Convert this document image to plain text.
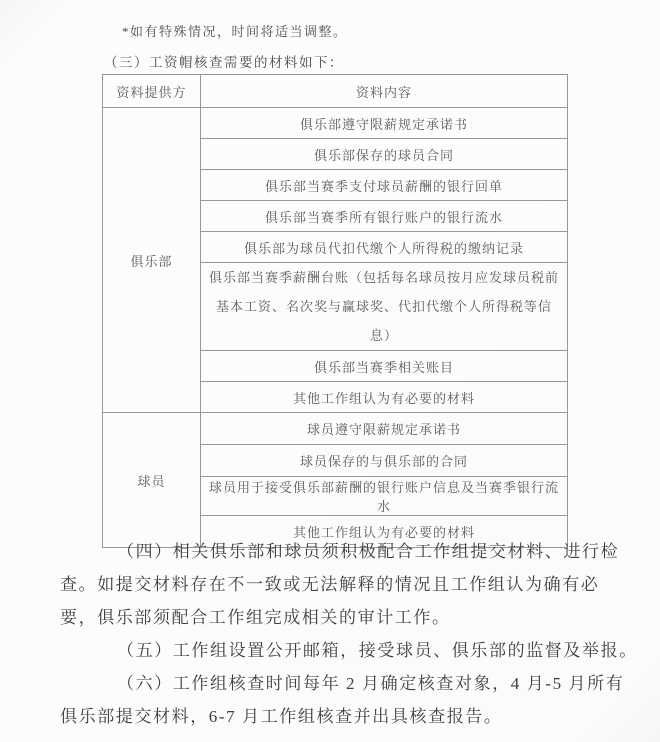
*如有特殊情况，时间将适当调整。
（三）工资帽核查需要的材料如下：
资料提供方	资料内容
俱乐部	俱乐部遵守限薪规定承诺书
	俱乐部保存的球员合同
	俱乐部当赛季支付球员薪酬的银行回单
	俱乐部当赛季所有银行账户的银行流水
	俱乐部为球员代扣代缴个人所得税的缴纳记录
	俱乐部当赛季薪酬台账（包括每名球员按月应发球员税前基本工资、名次奖与赢球奖、代扣代缴个人所得税等信息）
	俱乐部当赛季相关账目
	其他工作组认为有必要的材料
球员	球员遵守限薪规定承诺书
	球员保存的与俱乐部的合同
	球员用于接受俱乐部薪酬的银行账户信息及当赛季银行流水
	其他工作组认为有必要的材料
（四）相关俱乐部和球员须积极配合工作组提交材料、进行检
查。如提交材料存在不一致或无法解释的情况且工作组认为确有必
要，俱乐部须配合工作组完成相关的审计工作。
（五）工作组设置公开邮箱，接受球员、俱乐部的监督及举报。
（六）工作组核查时间每年 2 月确定核查对象，4 月-5 月所有
俱乐部提交材料，6-7 月工作组核查并出具核查报告。
